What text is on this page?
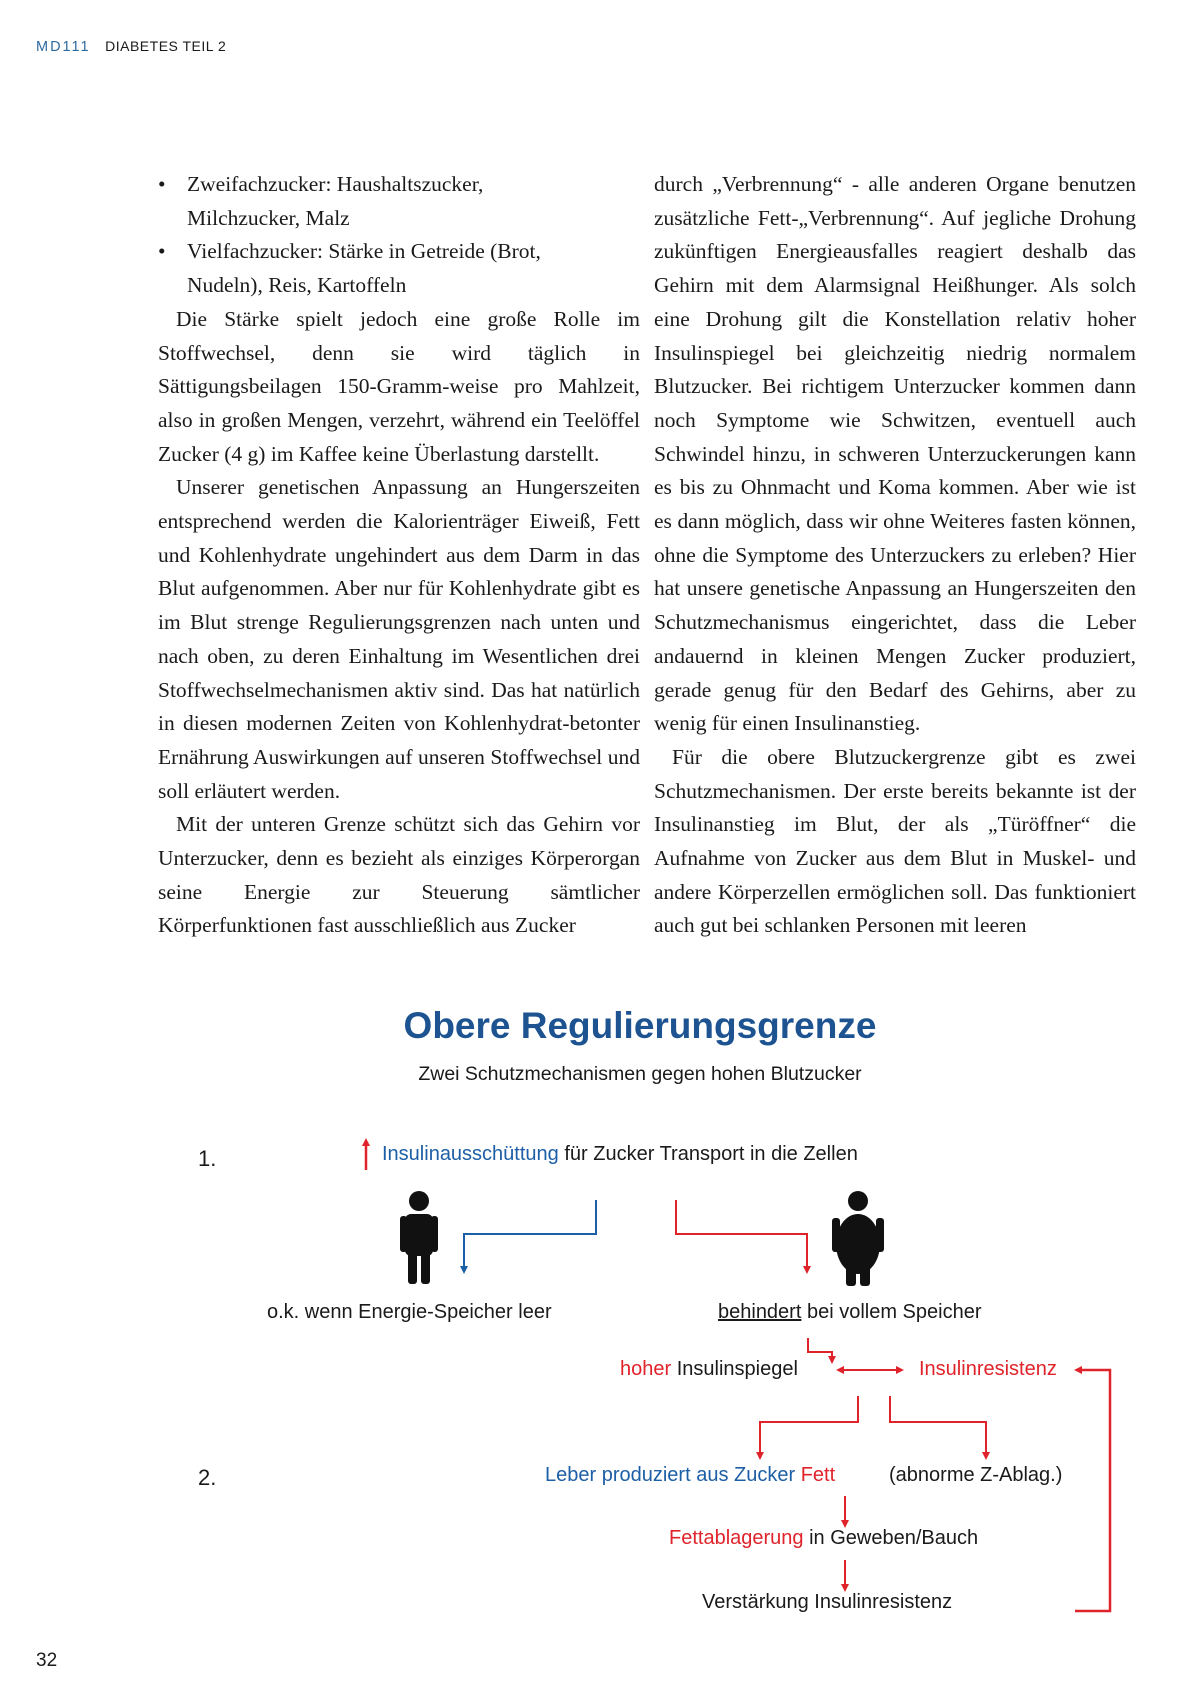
MD111 DIABETES TEIL 2

• Zweifachzucker: Haushaltszucker,
Milchzucker, Malz

• Vielfachzucker: Stärke in Getreide (Brot,
Nudeln), Reis, Kartoffeln

Die Stärke spielt jedoch eine große Rolle im Stoffwechsel, denn sie wird täglich in Sättigungsbeilagen 150-Gramm-weise pro Mahlzeit, also in großen Mengen, verzehrt, während ein Teelöffel Zucker (4 g) im Kaffee keine Überlastung darstellt.

Unserer genetischen Anpassung an Hungerszeiten entsprechend werden die Kalorienträger Eiweiß, Fett und Kohlenhydrate ungehindert aus dem Darm in das Blut aufgenommen. Aber nur für Kohlenhydrate gibt es im Blut strenge Regulierungsgrenzen nach unten und nach oben, zu deren Einhaltung im Wesentlichen drei Stoffwechselmechanismen aktiv sind. Das hat natürlich in diesen modernen Zeiten von Kohlenhydrat-betonter Ernährung Auswirkungen auf unseren Stoffwechsel und soll erläutert werden.

Mit der unteren Grenze schützt sich das Gehirn vor Unterzucker, denn es bezieht als einziges Körperorgan seine Energie zur Steuerung sämtlicher Körperfunktionen fast ausschließlich aus Zucker

durch „Verbrennung“ - alle anderen Organe benutzen zusätzliche Fett-„Verbrennung“. Auf jegliche Drohung zukünftigen Energieausfalles reagiert deshalb das Gehirn mit dem Alarmsignal Heißhunger. Als solch eine Drohung gilt die Konstellation relativ hoher Insulinspiegel bei gleichzeitig niedrig normalem Blutzucker. Bei richtigem Unterzucker kommen dann noch Symptome wie Schwitzen, eventuell auch Schwindel hinzu, in schweren Unterzuckerungen kann es bis zu Ohnmacht und Koma kommen. Aber wie ist es dann möglich, dass wir ohne Weiteres fasten können, ohne die Symptome des Unterzuckers zu erleben? Hier hat unsere genetische Anpassung an Hungerszeiten den Schutzmechanismus eingerichtet, dass die Leber andauernd in kleinen Mengen Zucker produziert, gerade genug für den Bedarf des Gehirns, aber zu wenig für einen Insulinanstieg.

Für die obere Blutzuckergrenze gibt es zwei Schutzmechanismen. Der erste bereits bekannte ist der Insulinanstieg im Blut, der als „Türöffner“ die Aufnahme von Zucker aus dem Blut in Muskel- und andere Körperzellen ermöglichen soll. Das funktioniert auch gut bei schlanken Personen mit leeren

Obere Regulierungsgrenze
Zwei Schutzmechanismen gegen hohen Blutzucker
1.	Insulinausschüttung für Zucker Transport in die Zellen
o.k. wenn Energie-Speicher leer	behindert bei vollem Speicher
hoher Insulinspiegel	Insulinresistenz
2.	Leber produziert aus Zucker Fett	(abnorme Z-Ablag.)
Fettablagerung in Geweben/Bauch
Verstärkung Insulinresistenz
32
